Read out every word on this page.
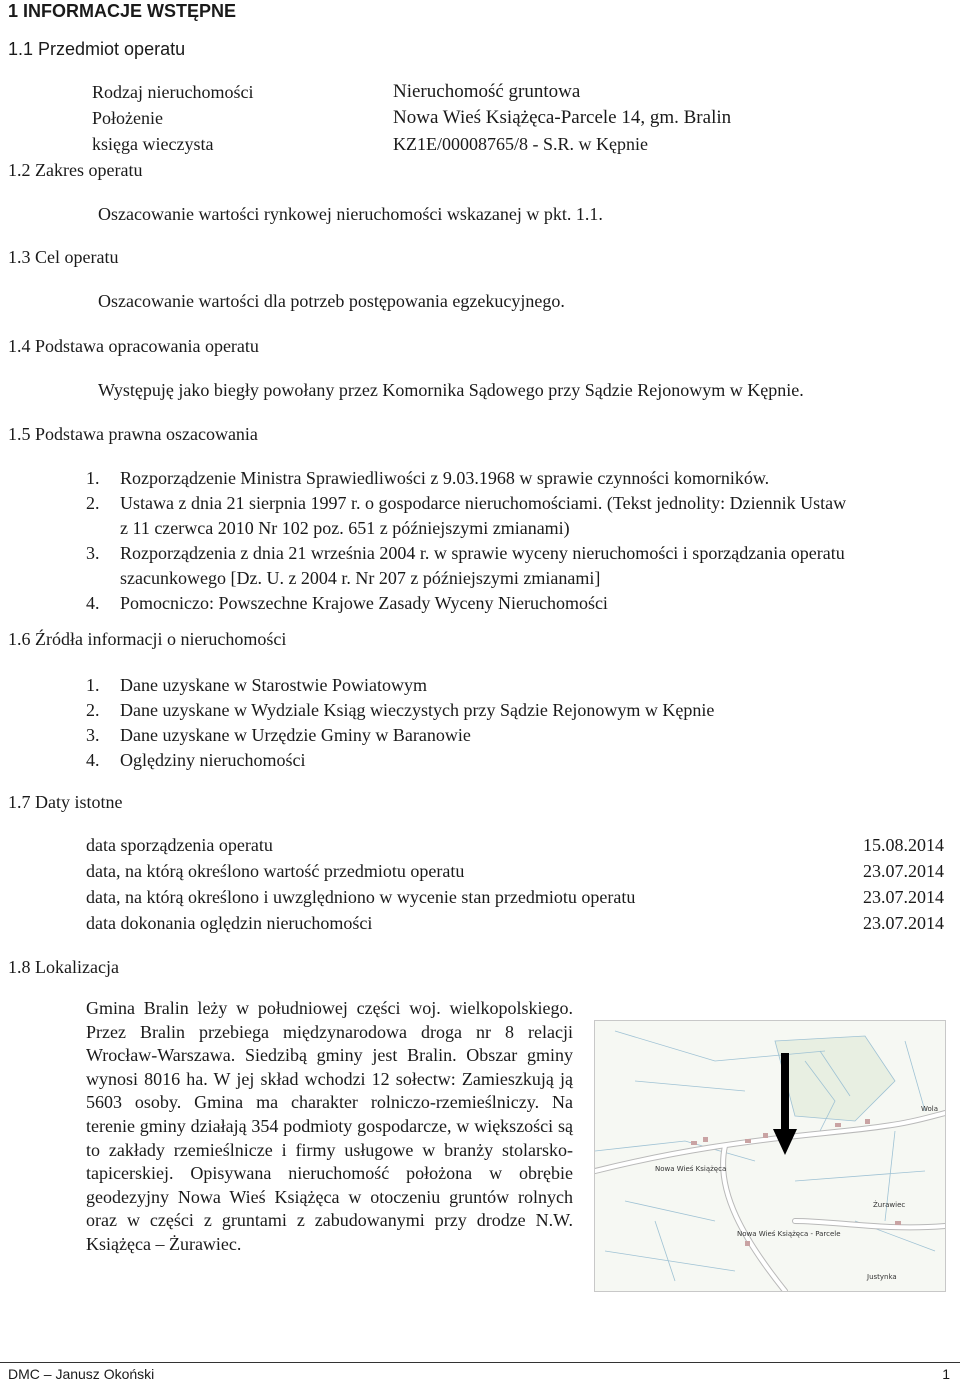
1 INFORMACJE WSTĘPNE
1.1 Przedmiot operatu
Rodzaj nieruchomości	Nieruchomość gruntowa
Położenie	Nowa Wieś Książęca-Parcele 14, gm. Bralin
księga wieczysta	KZ1E/00008765/8 - S.R. w Kępnie
1.2 Zakres operatu
Oszacowanie wartości rynkowej nieruchomości wskazanej w pkt. 1.1.
1.3 Cel operatu
Oszacowanie wartości dla potrzeb postępowania egzekucyjnego.
1.4 Podstawa opracowania operatu
Występuję jako biegły powołany przez Komornika Sądowego przy Sądzie Rejonowym w Kępnie.
1.5 Podstawa prawna oszacowania
1. Rozporządzenie Ministra Sprawiedliwości z 9.03.1968 w sprawie czynności komorników.
2. Ustawa z dnia 21 sierpnia 1997 r. o gospodarce nieruchomościami. (Tekst jednolity: Dziennik Ustaw
z 11 czerwca 2010 Nr 102 poz. 651 z późniejszymi zmianami)
3. Rozporządzenia z dnia 21 września 2004 r. w sprawie wyceny nieruchomości i sporządzania operatu
szacunkowego [Dz. U. z 2004 r. Nr 207 z późniejszymi zmianami]
4. Pomocniczo: Powszechne Krajowe Zasady Wyceny Nieruchomości
1.6 Źródła informacji o nieruchomości
1. Dane uzyskane w Starostwie Powiatowym
2. Dane uzyskane w Wydziale Ksiąg wieczystych przy Sądzie Rejonowym w Kępnie
3. Dane uzyskane w Urzędzie Gminy w Baranowie
4. Oględziny nieruchomości
1.7 Daty istotne
data sporządzenia operatu	15.08.2014
data, na którą określono wartość przedmiotu operatu	23.07.2014
data, na którą określono i uwzględniono w wycenie stan przedmiotu operatu	23.07.2014
data dokonania oględzin nieruchomości	23.07.2014
1.8 Lokalizacja
Gmina Bralin leży w południowej części woj. wielkopolskiego. Przez Bralin przebiega międzynarodowa droga nr 8 relacji Wrocław-Warszawa. Siedzibą gminy jest Bralin. Obszar gminy wynosi 8016 ha. W jej skład wchodzi 12 sołectw: Zamieszkują ją 5603 osoby. Gmina ma charakter rolniczo-rzemieślniczy. Na terenie gminy działają 354 podmioty gospodarcze, w większości są to zakłady rzemieślnicze i firmy usługowe w branży stolarsko-tapicerskiej. Opisywana nieruchomość położona w obrębie geodezyjny Nowa Wieś Książęca w otoczeniu gruntów rolnych oraz w części z gruntami z zabudowanymi przy drodze N.W. Książęca – Żurawiec.
Nowa Wieś Książęca
Nowa Wieś Książęca - Parcele
Żurawiec
Justynka
Wola
DMC – Janusz Okoński	1
